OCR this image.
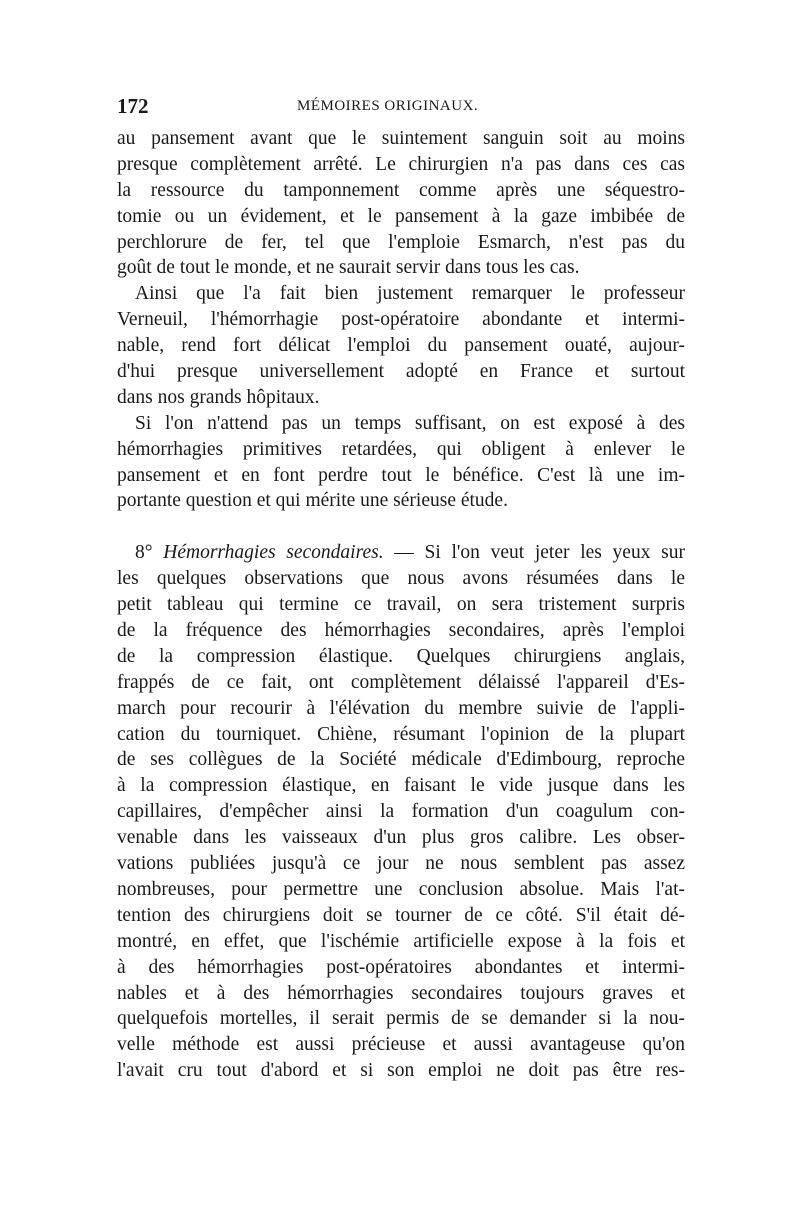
172	MÉMOIRES ORIGINAUX.
au pansement avant que le suintement sanguin soit au moins
presque complètement arrêté. Le chirurgien n'a pas dans ces cas
la ressource du tamponnement comme après une séquestro-
tomie ou un évidement, et le pansement à la gaze imbibée de
perchlorure de fer, tel que l'emploie Esmarch, n'est pas du
goût de tout le monde, et ne saurait servir dans tous les cas.
Ainsi que l'a fait bien justement remarquer le professeur
Verneuil, l'hémorrhagie post-opératoire abondante et intermi-
nable, rend fort délicat l'emploi du pansement ouaté, aujour-
d'hui presque universellement adopté en France et surtout
dans nos grands hôpitaux.
Si l'on n'attend pas un temps suffisant, on est exposé à des
hémorrhagies primitives retardées, qui obligent à enlever le
pansement et en font perdre tout le bénéfice. C'est là une im-
portante question et qui mérite une sérieuse étude.
8° Hémorrhagies secondaires. — Si l'on veut jeter les yeux sur
les quelques observations que nous avons résumées dans le
petit tableau qui termine ce travail, on sera tristement surpris
de la fréquence des hémorrhagies secondaires, après l'emploi
de la compression élastique. Quelques chirurgiens anglais,
frappés de ce fait, ont complètement délaissé l'appareil d'Es-
march pour recourir à l'élévation du membre suivie de l'appli-
cation du tourniquet. Chiène, résumant l'opinion de la plupart
de ses collègues de la Société médicale d'Edimbourg, reproche
à la compression élastique, en faisant le vide jusque dans les
capillaires, d'empêcher ainsi la formation d'un coagulum con-
venable dans les vaisseaux d'un plus gros calibre. Les obser-
vations publiées jusqu'à ce jour ne nous semblent pas assez
nombreuses, pour permettre une conclusion absolue. Mais l'at-
tention des chirurgiens doit se tourner de ce côté. S'il était dé-
montré, en effet, que l'ischémie artificielle expose à la fois et
à des hémorrhagies post-opératoires abondantes et intermi-
nables et à des hémorrhagies secondaires toujours graves et
quelquefois mortelles, il serait permis de se demander si la nou-
velle méthode est aussi précieuse et aussi avantageuse qu'on
l'avait cru tout d'abord et si son emploi ne doit pas être res-
